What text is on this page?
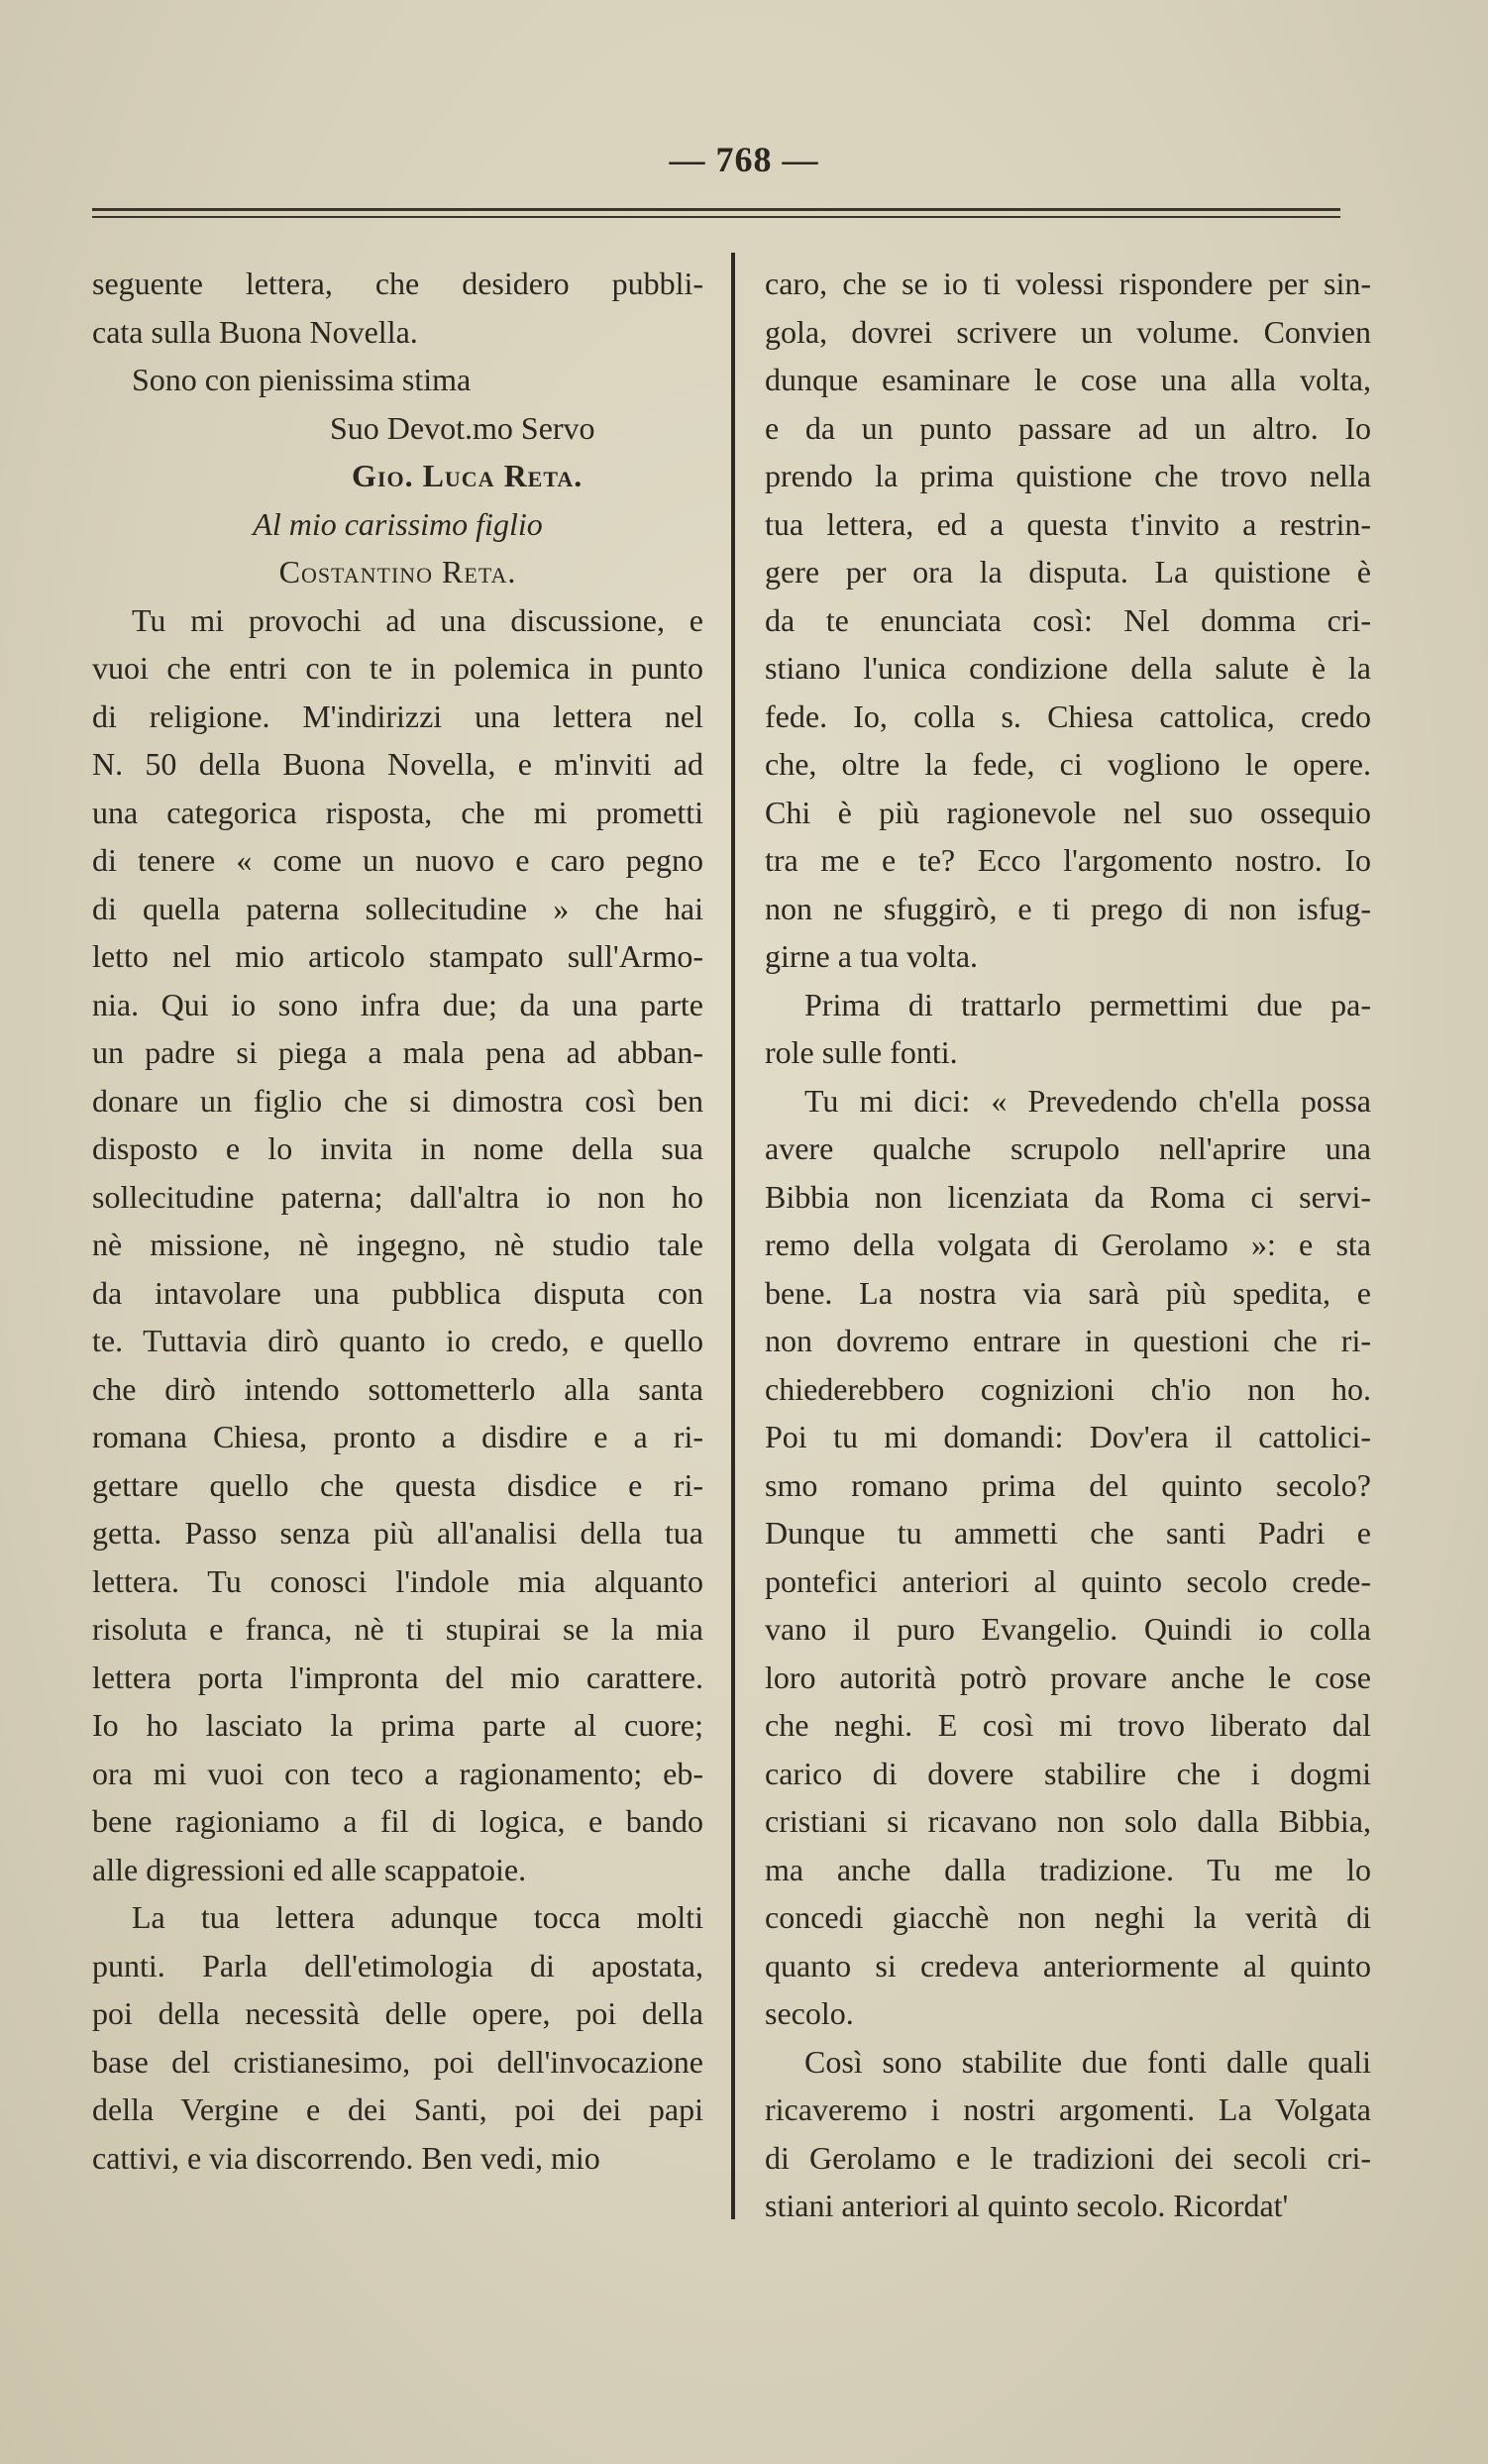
— 768 —

seguente lettera, che desidero pubbli-
cata sulla Buona Novella.

Sono con pienissima stima

Suo Devot.mo Servo

Gio. Luca Reta.

Al mio carissimo figlio

Costantino Reta.

Tu mi provochi ad una discussione, e
vuoi che entri con te in polemica in punto
di religione. M'indirizzi una lettera nel
N. 50 della Buona Novella, e m'inviti ad
una categorica risposta, che mi prometti
di tenere « come un nuovo e caro pegno
di quella paterna sollecitudine » che hai
letto nel mio articolo stampato sull'Armo-
nia. Qui io sono infra due; da una parte
un padre si piega a mala pena ad abban-
donare un figlio che si dimostra così ben
disposto e lo invita in nome della sua
sollecitudine paterna; dall'altra io non ho
nè missione, nè ingegno, nè studio tale
da intavolare una pubblica disputa con
te. Tuttavia dirò quanto io credo, e quello
che dirò intendo sottometterlo alla santa
romana Chiesa, pronto a disdire e a ri-
gettare quello che questa disdice e ri-
getta. Passo senza più all'analisi della tua
lettera. Tu conosci l'indole mia alquanto
risoluta e franca, nè ti stupirai se la mia
lettera porta l'impronta del mio carattere.
Io ho lasciato la prima parte al cuore;
ora mi vuoi con teco a ragionamento; eb-
bene ragioniamo a fil di logica, e bando
alle digressioni ed alle scappatoie.
La tua lettera adunque tocca molti
punti. Parla dell'etimologia di apostata,
poi della necessità delle opere, poi della
base del cristianesimo, poi dell'invocazione
della Vergine e dei Santi, poi dei papi
cattivi, e via discorrendo. Ben vedi, mio
caro, che se io ti volessi rispondere per sin-
gola, dovrei scrivere un volume. Convien
dunque esaminare le cose una alla volta,
e da un punto passare ad un altro. Io
prendo la prima quistione che trovo nella
tua lettera, ed a questa t'invito a restrin-
gere per ora la disputa. La quistione è
da te enunciata così: Nel domma cri-
stiano l'unica condizione della salute è la
fede. Io, colla s. Chiesa cattolica, credo
che, oltre la fede, ci vogliono le opere.
Chi è più ragionevole nel suo ossequio
tra me e te? Ecco l'argomento nostro. Io
non ne sfuggirò, e ti prego di non isfug-
girne a tua volta.
Prima di trattarlo permettimi due pa-
role sulle fonti.
Tu mi dici: « Prevedendo ch'ella possa
avere qualche scrupolo nell'aprire una
Bibbia non licenziata da Roma ci servi-
remo della volgata di Gerolamo »: e sta
bene. La nostra via sarà più spedita, e
non dovremo entrare in questioni che ri-
chiederebbero cognizioni ch'io non ho.
Poi tu mi domandi: Dov'era il cattolici-
smo romano prima del quinto secolo?
Dunque tu ammetti che santi Padri e
pontefici anteriori al quinto secolo crede-
vano il puro Evangelio. Quindi io colla
loro autorità potrò provare anche le cose
che neghi. E così mi trovo liberato dal
carico di dovere stabilire che i dogmi
cristiani si ricavano non solo dalla Bibbia,
ma anche dalla tradizione. Tu me lo
concedi giacchè non neghi la verità di
quanto si credeva anteriormente al quinto
secolo.
Così sono stabilite due fonti dalle quali
ricaveremo i nostri argomenti. La Volgata
di Gerolamo e le tradizioni dei secoli cri-
stiani anteriori al quinto secolo. Ricordat'
